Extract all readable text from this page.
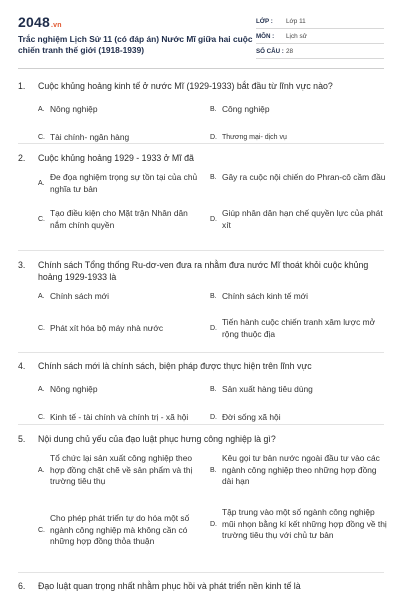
2048.vn
Trắc nghiệm Lịch Sử 11 (có đáp án) Nước Mĩ giữa hai cuộc chiến tranh thế giới (1918-1939)
LỚP :	Lớp 11
MÔN :	Lịch sử
SỐ CÂU : 28
1.	Cuộc khủng hoảng kinh tế ở nước Mĩ (1929-1933) bắt đầu từ lĩnh vực nào?
A. Nông nghiệp	B. Công nghiệp
C. Tài chính- ngân hàng	D. Thương mại- dịch vụ
2.	Cuộc khủng hoảng 1929 - 1933 ở Mĩ đã
A.
Đe đọa nghiệm trọng sự tồn tại của chủ nghĩa tư bản
B. Gây ra cuộc nội chiến do Phran-cô cầm đầu
C.
Tạo điều kiện cho Mặt trận Nhân dân nắm chính quyền	D.
Giúp nhân dân hạn chế quyền lực của phát xít
3.	Chính sách Tổng thống Ru-dơ-ven đưa ra nhằm đưa nước Mĩ thoát khỏi cuộc khủng hoảng 1929-1933 là
A. Chính sách mới	B. Chính sách kinh tế mới
C. Phát xít hóa bộ máy nhà nước	D.
Tiến hành cuộc chiến tranh xâm lược mở rộng thuộc địa
4.	Chính sách mới là chính sách, biện pháp được thực hiện trên lĩnh vực
A. Nông nghiệp	B. Sản xuất hàng tiêu dùng
C. Kinh tế - tài chính và chính trị - xã hội	D. Đời sống xã hội
5.	Nội dung chủ yếu của đạo luật phục hưng công nghiệp là gì?
A.
Tổ chức lại sản xuất công nghiệp theo hợp đồng chặt chẽ về sản phẩm và thị trường tiêu thụ
B.
Kêu gọi tư bản nước ngoài đầu tư vào các ngành công nghiệp theo những hợp đồng dài hạn
C.
Cho phép phát triển tự do hóa một số ngành công nghiệp mà không cần có những hợp đồng thỏa thuận
D.
Tập trung vào một số ngành công nghiệp mũi nhọn bằng kí kết những hợp đồng về thị trường tiêu thụ với chủ tư bản
6.	Đạo luật quan trọng nhất nhằm phục hồi và phát triển nền kinh tế là
